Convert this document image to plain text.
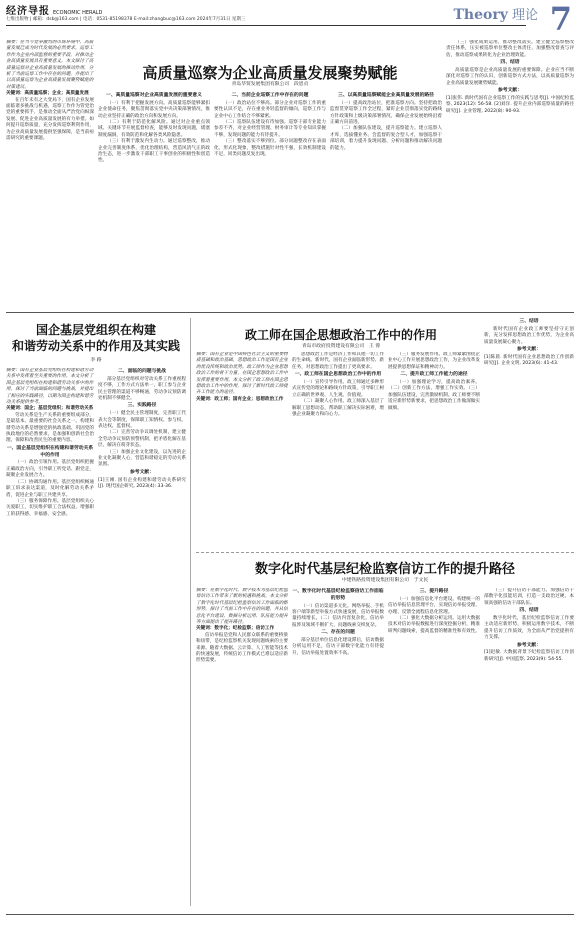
经济导报 ECONOMIC HERALD
七维出版物 | 邮箱：dsb@163.com | 电话：0531-85198378 E-mail:zhangbuc@163.com 2024年7月31日 星期三	Theory 理论 7
高质量巡察为企业高质量发展聚势赋能
青岛华贸发展集团有限公司　段恩贞
摘要：在当今竞争激烈的市场环境中，高质量发展已成为时代发展的必然要求。巡察工作作为企业内部监督的重要手段，对推动企业高质量发展具有重要意义。本文探讨了高质量巡察对企业高质量发展的推动作用，分析了当前巡察工作中存在的问题，并提出了以高质量巡察为企业高质量发展聚势赋能的对策建议。
关键词：高质量巡察；企业；高质量发展

在百年未有之大变局下，国有企业发展面临诸多挑战与机遇，巡察工作作为管党治党的重要抓手，是推动全面从严治党向纵深发展、促进企业高质量发展的有力举措。如何提升巡察质量，充分发挥巡察利剑作用，为企业高质量发展提供坚强保障，是当前亟需研究的重要课题。

一、高质量巡察对企业高质量发展的重要意义

（一）有利于把握发展方向。高质量巡察能够紧扣企业使命任务，聚焦贯彻落实党中央决策部署情况，推动企业坚持正确的政治方向和发展方向。

（二）有利于防范化解风险。通过对企业重点领域、关键环节开展监督检查，能够及时发现问题，堵塞制度漏洞，有效防范和化解各类风险隐患。

（三）有利于激发内生动力。通过巡察整改，推动企业完善制度体系，优化治理结构，营造风清气正的政治生态，进一步激发干部职工干事创业的积极性和创造性。

二、当前企业巡察工作中存在的问题

（一）政治站位不够高。部分企业对巡察工作的重要性认识不足，存在重业务轻监督的倾向，巡察工作与企业中心工作结合不够紧密。

（二）巡察队伍建设有待加强。巡察干部专业能力参差不齐，对企业经营管理、财务审计等专业知识掌握不够，发现问题的能力有待提升。

（三）整改落实不够到位。部分问题整改存在表面化、形式化现象，整改措施针对性不强，长效机制建设不足，同类问题反复出现。

三、以高质量巡察赋能企业高质量发展的路径

（一）提高政治站位，把准巡察方向。坚持把政治监督贯穿巡察工作全过程，紧盯企业贯彻落实党的路线方针政策和上级决策部署情况，确保企业发展始终沿着正确方向前进。

（二）加强队伍建设，提升巡察能力。建立巡察人才库，选拔懂业务、会监督的复合型人才，加强巡察干部培训，着力提升发现问题、分析问题和推动解决问题的能力。

（三）强化成果运用，推动整改落实。建立健全巡察整改责任体系，压实被巡察单位整改主体责任，加强整改督查与评估，推动巡察成果转化为企业治理效能。

四、结语

高质量巡察是企业高质量发展的重要保障。企业应当不断深化对巡察工作的认识，创新巡察方式方法，以高质量巡察为企业高质量发展聚势赋能。

参考文献：
[1]张伟. 新时代国有企业巡察工作的实践与思考[J]. 中国纪检监察, 2023(12): 56-58. [2]刘洋. 提升企业内部巡察质量的路径研究[J]. 企业管理, 2022(8): 90-93.
国企基层党组织在构建
和谐劳动关系中的作用及其实践
李 路
摘要：国有企业基层党组织在构建和谐劳动关系中发挥着至关重要的作用。本文分析了国企基层党组织在构建和谐劳动关系中的作用，探讨了当前面临的问题与挑战，并提出了相应的实践路径，以期为国企构建和谐劳动关系提供参考。
关键词：国企；基层党组织；和谐劳动关系

劳动关系是生产关系的重要组成部分，是最基本、最重要的社会关系之一。构建和谐劳动关系是增强党的执政基础、巩固党的执政地位的必然要求，是加强和创新社会治理、保障和改善民生的重要内容。

一、国企基层党组织在构建和谐劳动关系中的作用

（一）政治引领作用。基层党组织把握正确政治方向，引导职工听党话、跟党走，凝聚企业发展合力。

（二）协调沟通作用。基层党组织畅通职工诉求表达渠道，及时化解劳动关系矛盾，促进企业与职工共建共享。

（三）服务保障作用。基层党组织关心关爱职工，切实维护职工合法权益，增强职工的获得感、幸福感、安全感。

二、面临的问题与挑战

部分基层党组织对劳动关系工作重视程度不够，工作方式方法单一，职工参与企业民主管理的渠道不够畅通，劳动争议预防调处机制不够健全。

三、实践路径

（一）健全民主管理制度，完善职工代表大会等制度，保障职工知情权、参与权、表达权、监督权。

（二）完善劳动争议调处机制，建立健全劳动争议预防预警机制，把矛盾化解在基层、解决在萌芽状态。

（三）加强企业文化建设，以先进的企业文化凝聚人心，营造和谐稳定的劳动关系氛围。

参考文献：
[1]王刚. 国有企业构建和谐劳动关系研究[J]. 现代国企研究, 2023(4): 33-36.
政工师在国企思想政治工作中的作用
青岛市政府投资建设有限公司　王 蓉
摘要：国有企业是中国特色社会主义的重要物质基础和政治基础，思想政治工作是国有企业的优良传统和政治优势。政工师作为企业思想政治工作的骨干力量，在国企思想政治工作中发挥着重要作用。本文分析了政工师在国企思想政治工作中的作用，探讨了新时代政工师提升工作能力的途径。
关键词：政工师；国有企业；思想政治工作

思想政治工作是经济工作和其他一切工作的生命线。新时代，国有企业面临新形势、新任务，对思想政治工作提出了更高要求。

一、政工师在国企思想政治工作中的作用

（一）宣传引导作用。政工师通过多种形式宣传党的理论和路线方针政策，引导职工树立正确的世界观、人生观、价值观。

（二）凝聚人心作用。政工师深入基层了解职工思想动态，帮助职工解决实际困难，增强企业凝聚力和向心力。

（三）服务发展作用。政工师紧紧围绕企业中心工作开展思想政治工作，为企业改革发展提供思想保证和精神动力。

二、提升政工师工作能力的途径

（一）加强理论学习，提高政治素养。（二）创新工作方法，增强工作实效。（三）加强队伍建设，完善激励机制。政工师要不断适应新形势新要求，把思想政治工作做深做实做细。

三、结语

新时代国有企业政工师要坚持守正创新，充分发挥思想政治工作优势，为企业高质量发展凝心聚力。

参考文献：
[1]陈晨. 新时代国有企业思想政治工作创新研究[J]. 企业文明, 2023(6): 41-43.
数字化时代基层纪检监察信访工作的提升路径
中建铁路投资建设集团有限公司　于文民
摘要：在数字化时代，数字技术为基层纪检监察信访工作带来了新的机遇和挑战。本文分析了数字化时代基层纪检监察信访工作面临的新形势，探讨了当前工作中存在的问题，并从信息化平台建设、数据分析运用、队伍能力提升等方面提出了提升路径。
关键词：数字化；纪检监察；信访工作

信访举报是党和人民群众联系的重要桥梁和纽带，是纪检监察机关发现问题线索的主要来源。随着大数据、云计算、人工智能等技术的快速发展，传统信访工作模式已难以适应新形势需要。

一、数字化时代基层纪检监察信访工作面临的形势

（一）信访渠道多元化。网络举报、手机客户端等新型举报方式快速发展，信访举报数量持续增长。（二）信访内容复杂化。信访举报涉及领域不断扩大，问题线索交织复杂。

二、存在的问题

部分基层单位信息化建设滞后，信访数据分析运用不足，信访干部数字化能力有待提升，信访举报处置效率不高。

三、提升路径

（一）加强信息化平台建设。构建统一的信访举报信息管理平台，实现信访举报受理、办理、反馈全流程信息化管理。

（二）强化大数据分析运用。运用大数据技术对信访举报数据进行深度挖掘分析，精准研判问题线索，提高监督的精准性和有效性。

（三）提升信访干部能力。加强信访干部数字化技能培训，打造一支政治过硬、本领高强的信访干部队伍。

四、结语

数字化时代，基层纪检监察信访工作要主动适应新形势，积极运用数字技术，不断提升信访工作质效，为全面从严治党提供有力支撑。

参考文献：
[1]赵敏. 大数据背景下纪检监察信访工作创新研究[J]. 中国监察, 2023(9): 54-55.
